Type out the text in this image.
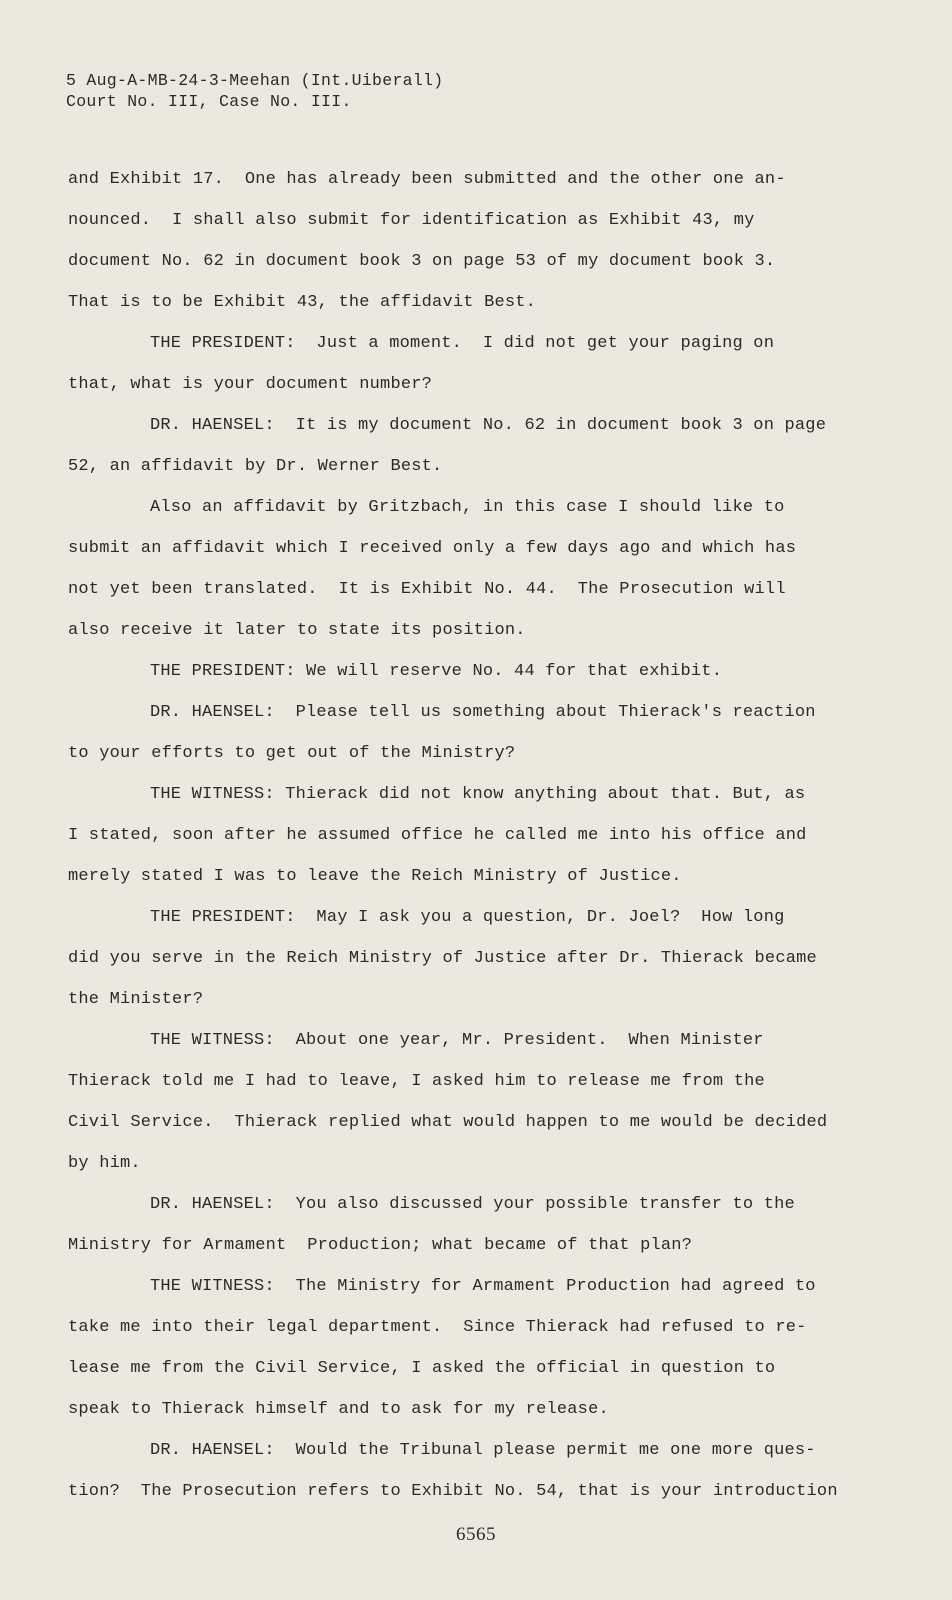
5 Aug-A-MB-24-3-Meehan (Int.Uiberall)
Court No. III, Case No. III.
and Exhibit 17.  One has already been submitted and the other one an-
nounced.  I shall also submit for identification as Exhibit 43, my
document No. 62 in document book 3 on page 53 of my document book 3.
That is to be Exhibit 43, the affidavit Best.
THE PRESIDENT:  Just a moment.  I did not get your paging on
that, what is your document number?
DR. HAENSEL:  It is my document No. 62 in document book 3 on page
52, an affidavit by Dr. Werner Best.
Also an affidavit by Gritzbach, in this case I should like to
submit an affidavit which I received only a few days ago and which has
not yet been translated.  It is Exhibit No. 44.  The Prosecution will
also receive it later to state its position.
THE PRESIDENT: We will reserve No. 44 for that exhibit.
DR. HAENSEL:  Please tell us something about Thierack's reaction
to your efforts to get out of the Ministry?
THE WITNESS: Thierack did not know anything about that. But, as
I stated, soon after he assumed office he called me into his office and
merely stated I was to leave the Reich Ministry of Justice.
THE PRESIDENT:  May I ask you a question, Dr. Joel?  How long
did you serve in the Reich Ministry of Justice after Dr. Thierack became
the Minister?
THE WITNESS:  About one year, Mr. President.  When Minister
Thierack told me I had to leave, I asked him to release me from the
Civil Service.  Thierack replied what would happen to me would be decided
by him.
DR. HAENSEL:  You also discussed your possible transfer to the
Ministry for Armament  Production; what became of that plan?
THE WITNESS:  The Ministry for Armament Production had agreed to
take me into their legal department.  Since Thierack had refused to re-
lease me from the Civil Service, I asked the official in question to
speak to Thierack himself and to ask for my release.
DR. HAENSEL:  Would the Tribunal please permit me one more ques-
tion?  The Prosecution refers to Exhibit No. 54, that is your introduction
6565
